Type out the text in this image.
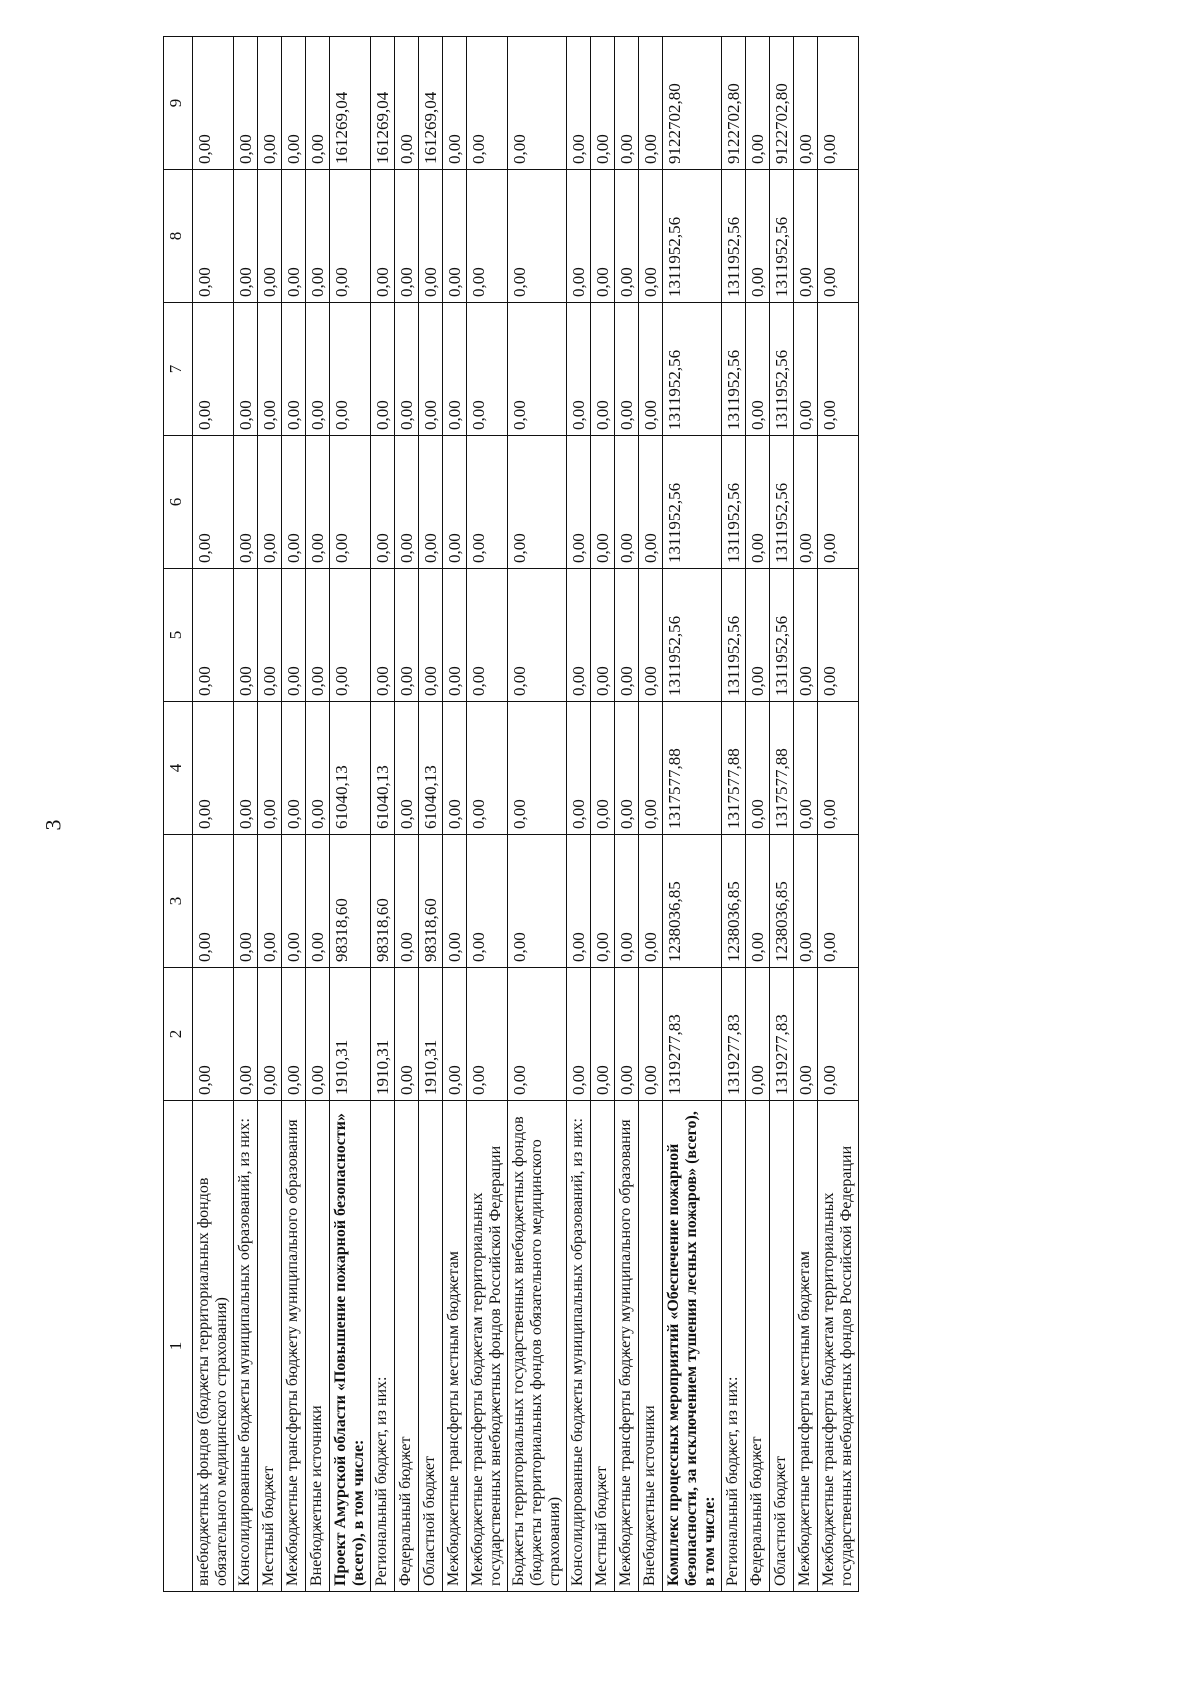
3
1	2	3	4	5	6	7	8	9
внебюджетных фондов (бюджеты территориальных фондов обязательного медицинского страхования)	0,00	0,00	0,00	0,00	0,00	0,00	0,00	0,00
Консолидированные бюджеты муниципальных образований, из них:	0,00	0,00	0,00	0,00	0,00	0,00	0,00	0,00
Местный бюджет	0,00	0,00	0,00	0,00	0,00	0,00	0,00	0,00
Межбюджетные трансферты бюджету муниципального образования	0,00	0,00	0,00	0,00	0,00	0,00	0,00	0,00
Внебюджетные источники	0,00	0,00	0,00	0,00	0,00	0,00	0,00	0,00
Проект Амурской области «Повышение пожарной безопасности» (всего), в том числе:	1910,31	98318,60	61040,13	0,00	0,00	0,00	0,00	161269,04
Региональный бюджет, из них:	1910,31	98318,60	61040,13	0,00	0,00	0,00	0,00	161269,04
Федеральный бюджет	0,00	0,00	0,00	0,00	0,00	0,00	0,00	0,00
Областной бюджет	1910,31	98318,60	61040,13	0,00	0,00	0,00	0,00	161269,04
Межбюджетные трансферты местным бюджетам	0,00	0,00	0,00	0,00	0,00	0,00	0,00	0,00
Межбюджетные трансферты бюджетам территориальных государственных внебюджетных фондов Российской Федерации	0,00	0,00	0,00	0,00	0,00	0,00	0,00	0,00
Бюджеты территориальных государственных внебюджетных фондов (бюджеты территориальных фондов обязательного медицинского страхования)	0,00	0,00	0,00	0,00	0,00	0,00	0,00	0,00
Консолидированные бюджеты муниципальных образований, из них:	0,00	0,00	0,00	0,00	0,00	0,00	0,00	0,00
Местный бюджет	0,00	0,00	0,00	0,00	0,00	0,00	0,00	0,00
Межбюджетные трансферты бюджету муниципального образования	0,00	0,00	0,00	0,00	0,00	0,00	0,00	0,00
Внебюджетные источники	0,00	0,00	0,00	0,00	0,00	0,00	0,00	0,00
Комплекс процессных мероприятий «Обеспечение пожарной безопасности, за исключением тушения лесных пожаров» (всего), в том числе:	1319277,83	1238036,85	1317577,88	1311952,56	1311952,56	1311952,56	1311952,56	9122702,80
Региональный бюджет, из них:	1319277,83	1238036,85	1317577,88	1311952,56	1311952,56	1311952,56	1311952,56	9122702,80
Федеральный бюджет	0,00	0,00	0,00	0,00	0,00	0,00	0,00	0,00
Областной бюджет	1319277,83	1238036,85	1317577,88	1311952,56	1311952,56	1311952,56	1311952,56	9122702,80
Межбюджетные трансферты местным бюджетам	0,00	0,00	0,00	0,00	0,00	0,00	0,00	0,00
Межбюджетные трансферты бюджетам территориальных государственных внебюджетных фондов Российской Федерации	0,00	0,00	0,00	0,00	0,00	0,00	0,00	0,00
